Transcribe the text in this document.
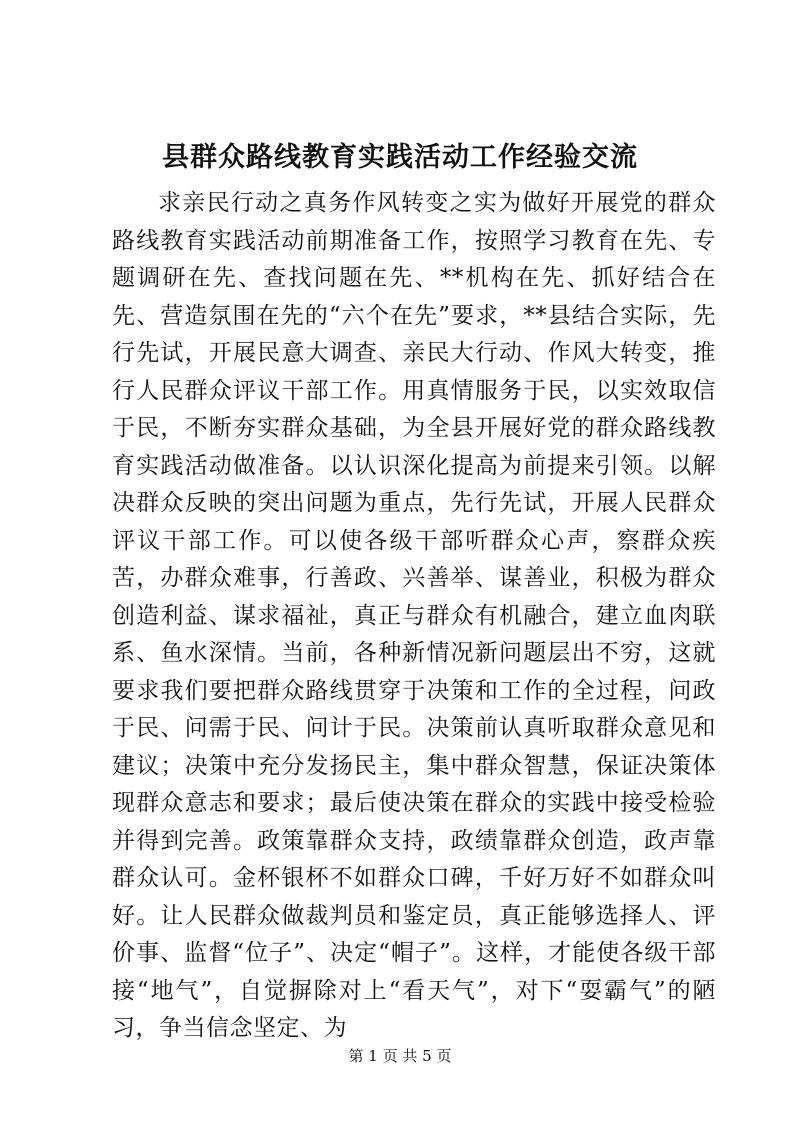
县群众路线教育实践活动工作经验交流

求亲民行动之真务作风转变之实为做好开展党的群众路线教育实践活动前期准备工作，按照学习教育在先、专题调研在先、查找问题在先、**机构在先、抓好结合在先、营造氛围在先的“六个在先”要求，**县结合实际，先行先试，开展民意大调查、亲民大行动、作风大转变，推行人民群众评议干部工作。用真情服务于民，以实效取信于民，不断夯实群众基础，为全县开展好党的群众路线教育实践活动做准备。以认识深化提高为前提来引领。以解决群众反映的突出问题为重点，先行先试，开展人民群众评议干部工作。可以使各级干部听群众心声，察群众疾苦，办群众难事，行善政、兴善举、谋善业，积极为群众创造利益、谋求福祉，真正与群众有机融合，建立血肉联系、鱼水深情。当前，各种新情况新问题层出不穷，这就要求我们要把群众路线贯穿于决策和工作的全过程，问政于民、问需于民、问计于民。决策前认真听取群众意见和建议；决策中充分发扬民主，集中群众智慧，保证决策体现群众意志和要求；最后使决策在群众的实践中接受检验并得到完善。政策靠群众支持，政绩靠群众创造，政声靠群众认可。金杯银杯不如群众口碑，千好万好不如群众叫好。让人民群众做裁判员和鉴定员，真正能够选择人、评价事、监督“位子”、决定“帽子”。这样，才能使各级干部接“地气”，自觉摒除对上“看天气”，对下“耍霸气”的陋习，争当信念坚定、为

第 1 页 共 5 页
